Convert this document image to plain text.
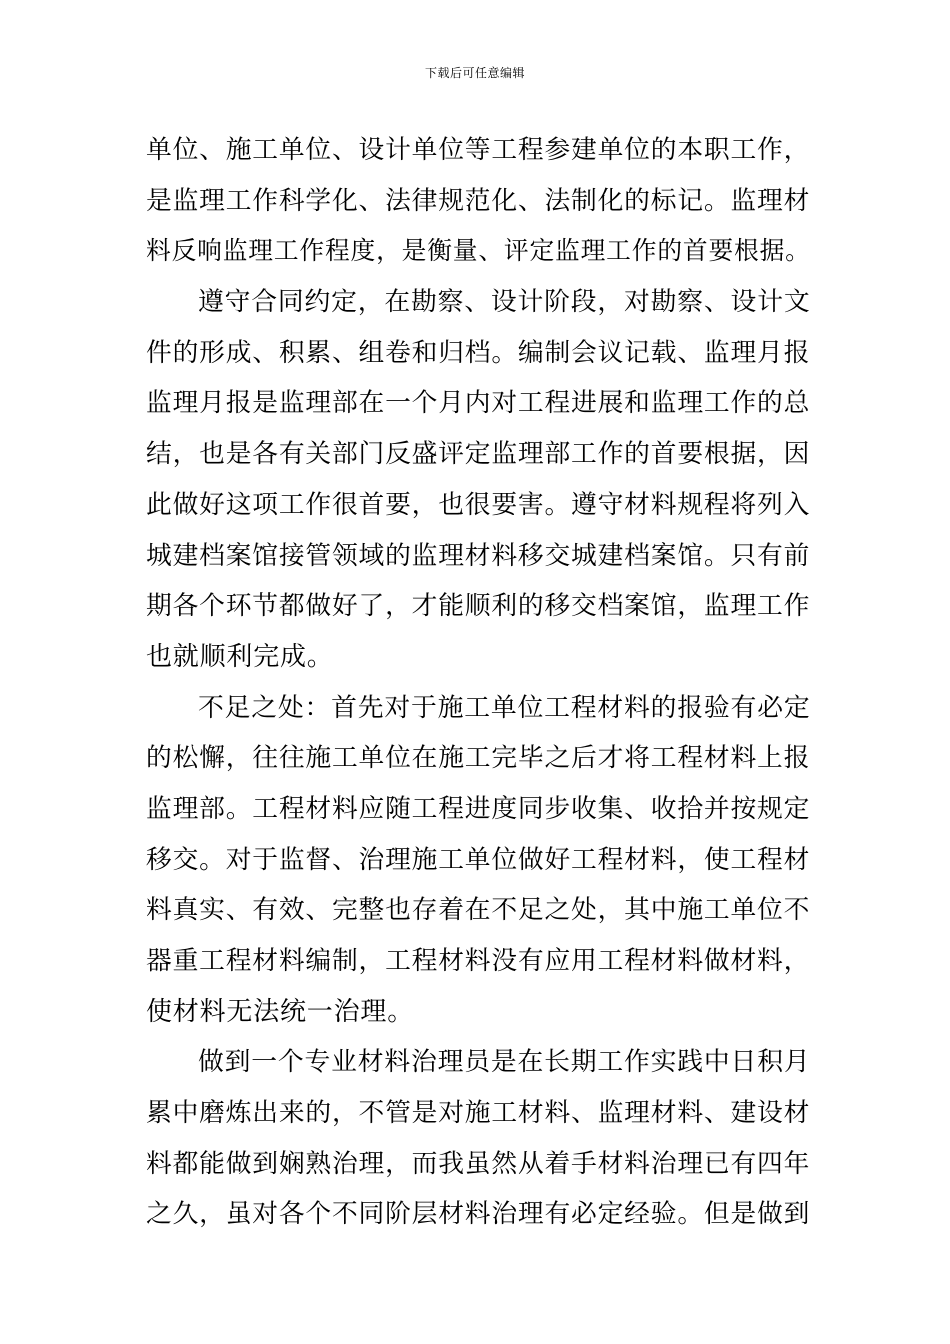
下载后可任意编辑
单位、施工单位、设计单位等工程参建单位的本职工作，
是监理工作科学化、法律规范化、法制化的标记。监理材
料反响监理工作程度，是衡量、评定监理工作的首要根据。
遵守合同约定，在勘察、设计阶段，对勘察、设计文
件的形成、积累、组卷和归档。编制会议记载、监理月报
监理月报是监理部在一个月内对工程进展和监理工作的总
结，也是各有关部门反盛评定监理部工作的首要根据，因
此做好这项工作很首要，也很要害。遵守材料规程将列入
城建档案馆接管领域的监理材料移交城建档案馆。只有前
期各个环节都做好了，才能顺利的移交档案馆，监理工作
也就顺利完成。
不足之处：首先对于施工单位工程材料的报验有必定
的松懈，往往施工单位在施工完毕之后才将工程材料上报
监理部。工程材料应随工程进度同步收集、收拾并按规定
移交。对于监督、治理施工单位做好工程材料，使工程材
料真实、有效、完整也存着在不足之处，其中施工单位不
器重工程材料编制，工程材料没有应用工程材料做材料，
使材料无法统一治理。
做到一个专业材料治理员是在长期工作实践中日积月
累中磨炼出来的，不管是对施工材料、监理材料、建设材
料都能做到娴熟治理，而我虽然从着手材料治理已有四年
之久，虽对各个不同阶层材料治理有必定经验。但是做到
